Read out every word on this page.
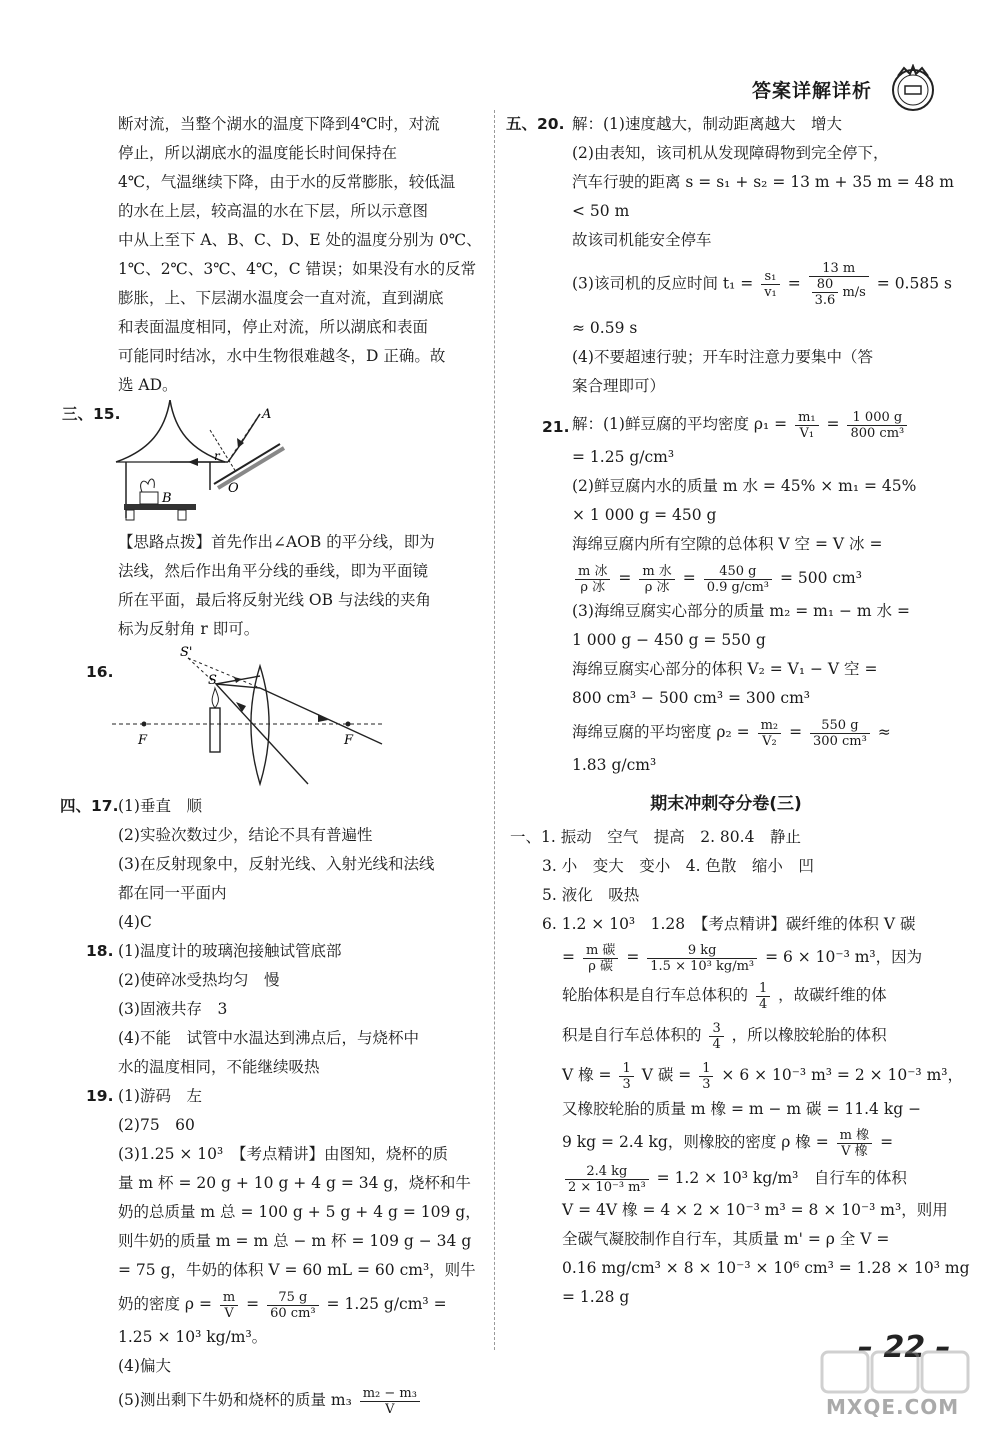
答案详解详析
断对流，当整个湖水的温度下降到4℃时，对流
停止，所以湖底水的温度能长时间保持在
4℃，气温继续下降，由于水的反常膨胀，较低温
的水在上层，较高温的水在下层，所以示意图
中从上至下 A、B、C、D、E 处的温度分别为 0℃、
1℃、2℃、3℃、4℃，C 错误；如果没有水的反常
膨胀，上、下层湖水温度会一直对流，直到湖底
和表面温度相同，停止对流，所以湖底和表面
可能同时结冰，水中生物很难越冬，D 正确。故
选 AD。
三、15.	A
B
O
r
【思路点拨】首先作出∠AOB 的平分线，即为
法线，然后作出角平分线的垂线，即为平面镜
所在平面，最后将反射光线 OB 与法线的夹角
标为反射角 r 即可。
16.
S'
S
F	F
四、17. (1)垂直　顺
(2)实验次数过少，结论不具有普遍性
(3)在反射现象中，反射光线、入射光线和法线
都在同一平面内
(4)C
18. (1)温度计的玻璃泡接触试管底部
(2)使碎冰受热均匀　慢
(3)固液共存　3
(4)不能　试管中水温达到沸点后，与烧杯中
水的温度相同，不能继续吸热
19. (1)游码　左
(2)75　60
(3)1.25 × 10³　【考点精讲】由图知，烧杯的质
量 m 杯 = 20 g + 10 g + 4 g = 34 g，烧杯和牛
奶的总质量 m 总 = 100 g + 5 g + 4 g = 109 g，
则牛奶的质量 m = m 总 − m 杯 = 109 g − 34 g
= 75 g，牛奶的体积 V = 60 mL = 60 cm³，则牛
奶的密度 $\rho = \frac{m}{V} = \frac{75 g}{\text{60 cm³}} = 1.25$ g/cm³ =
1.25 × 10³ kg/m³。
(4)偏大
(5)测出剩下牛奶和烧杯的质量 $m_3 \frac{\text{m₂ − m₃}}{V}$
五、20. 解：(1)速度越大，制动距离越大　增大
(2)由表知，该司机从发现障碍物到完全停下，
汽车行驶的距离 s = s₁ + s₂ = 13 m + 35 m = 48 m
< 50 m
故该司机能安全停车
(3)该司机的反应时间 $t_1 = \frac{\text{s₁}}{\text{v₁}} = \frac{13 m}{\frac{80}{3.6} m/s} = 0.585$ s
≈ 0.59 s
(4)不要超速行驶；开车时注意力要集中（答
案合理即可）
21. 解：(1)鲜豆腐的平均密度 $\rho_1 = \frac{\text{m₁}}{\text{V₁}} = \frac{1 000 g}{\text{800 cm³}}$
= 1.25 g/cm³
(2)鲜豆腐内水的质量 m 水 = 45% × m₁ = 45%
× 1 000 g = 450 g
海绵豆腐内所有空隙的总体积 V 空 = V 冰 =
$\frac{\text{m 冰}}{\text{ρ 冰}} = \frac{\text{m 水}}{\text{ρ 冰}} = \frac{450 g}{\text{0.9 g/cm³}} = 500$ cm³
(3)海绵豆腐实心部分的质量 m₂ = m₁ − m 水 =
1 000 g − 450 g = 550 g
海绵豆腐实心部分的体积 V₂ = V₁ − V 空 =
800 cm³ − 500 cm³ = 300 cm³
海绵豆腐的平均密度 $\rho_2 = \frac{\text{m₂}}{\text{V₂}} = \frac{550 g}{\text{300 cm³}}$ ≈
1.83 g/cm³
期末冲刺夺分卷(三)
一、1. 振动　空气　提高　2. 80.4　静止
3. 小　变大　变小　4. 色散　缩小　凹
5. 液化　吸热
6. 1.2 × 10³　1.28　【考点精讲】碳纤维的体积 V 碳
= $\frac{\text{m 碳}}{\text{ρ 碳}} = \frac{9 kg}{\text{1.5 × 10³ kg/m³}} = 6 \times 10^{-3}$ m³，因为
轮胎体积是自行车总体积的 $\frac{1}{4}$ ，故碳纤维的体
积是自行车总体积的 $\frac{3}{4}$ ，所以橡胶轮胎的体积
V 橡 = $\frac{1}{3}$ V 碳 = $\frac{1}{3} \times 6 \times 10^{-3}$ m³ = 2 × 10⁻³ m³，
又橡胶轮胎的质量 m 橡 = m − m 碳 = 11.4 kg −
9 kg = 2.4 kg，则橡胶的密度 ρ 橡 = $\frac{\text{m 橡}}{\text{V 橡}}$ =
$\frac{2.4 kg}{\text{2 × 10⁻³ m³}} = 1.2 \times 10^3$ kg/m³　自行车的体积
V = 4V 橡 = 4 × 2 × 10⁻³ m³ = 8 × 10⁻³ m³，则用
全碳气凝胶制作自行车，其质量 m' = ρ 全 V =
0.16 mg/cm³ × 8 × 10⁻³ × 10⁶ cm³ = 1.28 × 10³ mg
= 1.28 g
– 22 –
MXQE.COM
